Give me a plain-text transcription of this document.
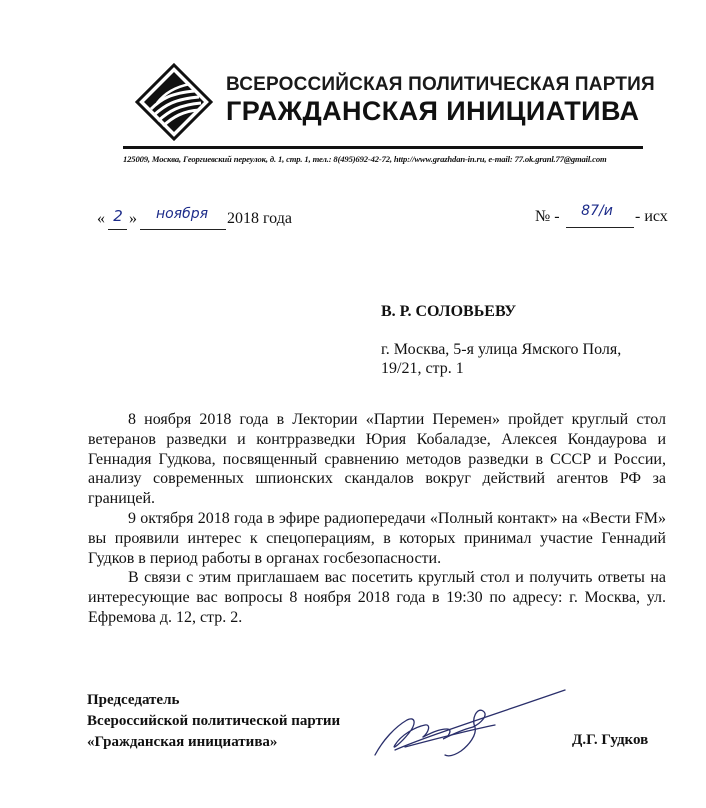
ВСЕРОССИЙСКАЯ ПОЛИТИЧЕСКАЯ ПАРТИЯ
ГРАЖДАНСКАЯ ИНИЦИАТИВА
125009, Москва, Георгиевский переулок, д. 1, стр. 1, тел.: 8(495)692-42-72, http://www.grazhdan-in.ru, e-mail: 77.ok.granl.77@gmail.com
« 2 »	ноября	2018 года	№ -	87/и	- исх
В. Р. СОЛОВЬЕВУ
г. Москва, 5-я улица Ямского Поля,
19/21, стр. 1

8 ноября 2018 года в Лектории «Партии Перемен» пройдет круглый стол ветеранов разведки и контрразведки Юрия Кобаладзе, Алексея Кондаурова и Геннадия Гудкова, посвященный сравнению методов разведки в СССР и России, анализу современных шпионских скандалов вокруг действий агентов РФ за границей.

9 октября 2018 года в эфире радиопередачи «Полный контакт» на «Вести FM» вы проявили интерес к спецоперациям, в которых принимал участие Геннадий Гудков в период работы в органах госбезопасности.

В связи с этим приглашаем вас посетить круглый стол и получить ответы на интересующие вас вопросы 8 ноября 2018 года в 19:30 по адресу: г. Москва, ул. Ефремова д. 12, стр. 2.

Председатель
Всероссийской политической партии
«Гражданская инициатива»	Д.Г. Гудков
